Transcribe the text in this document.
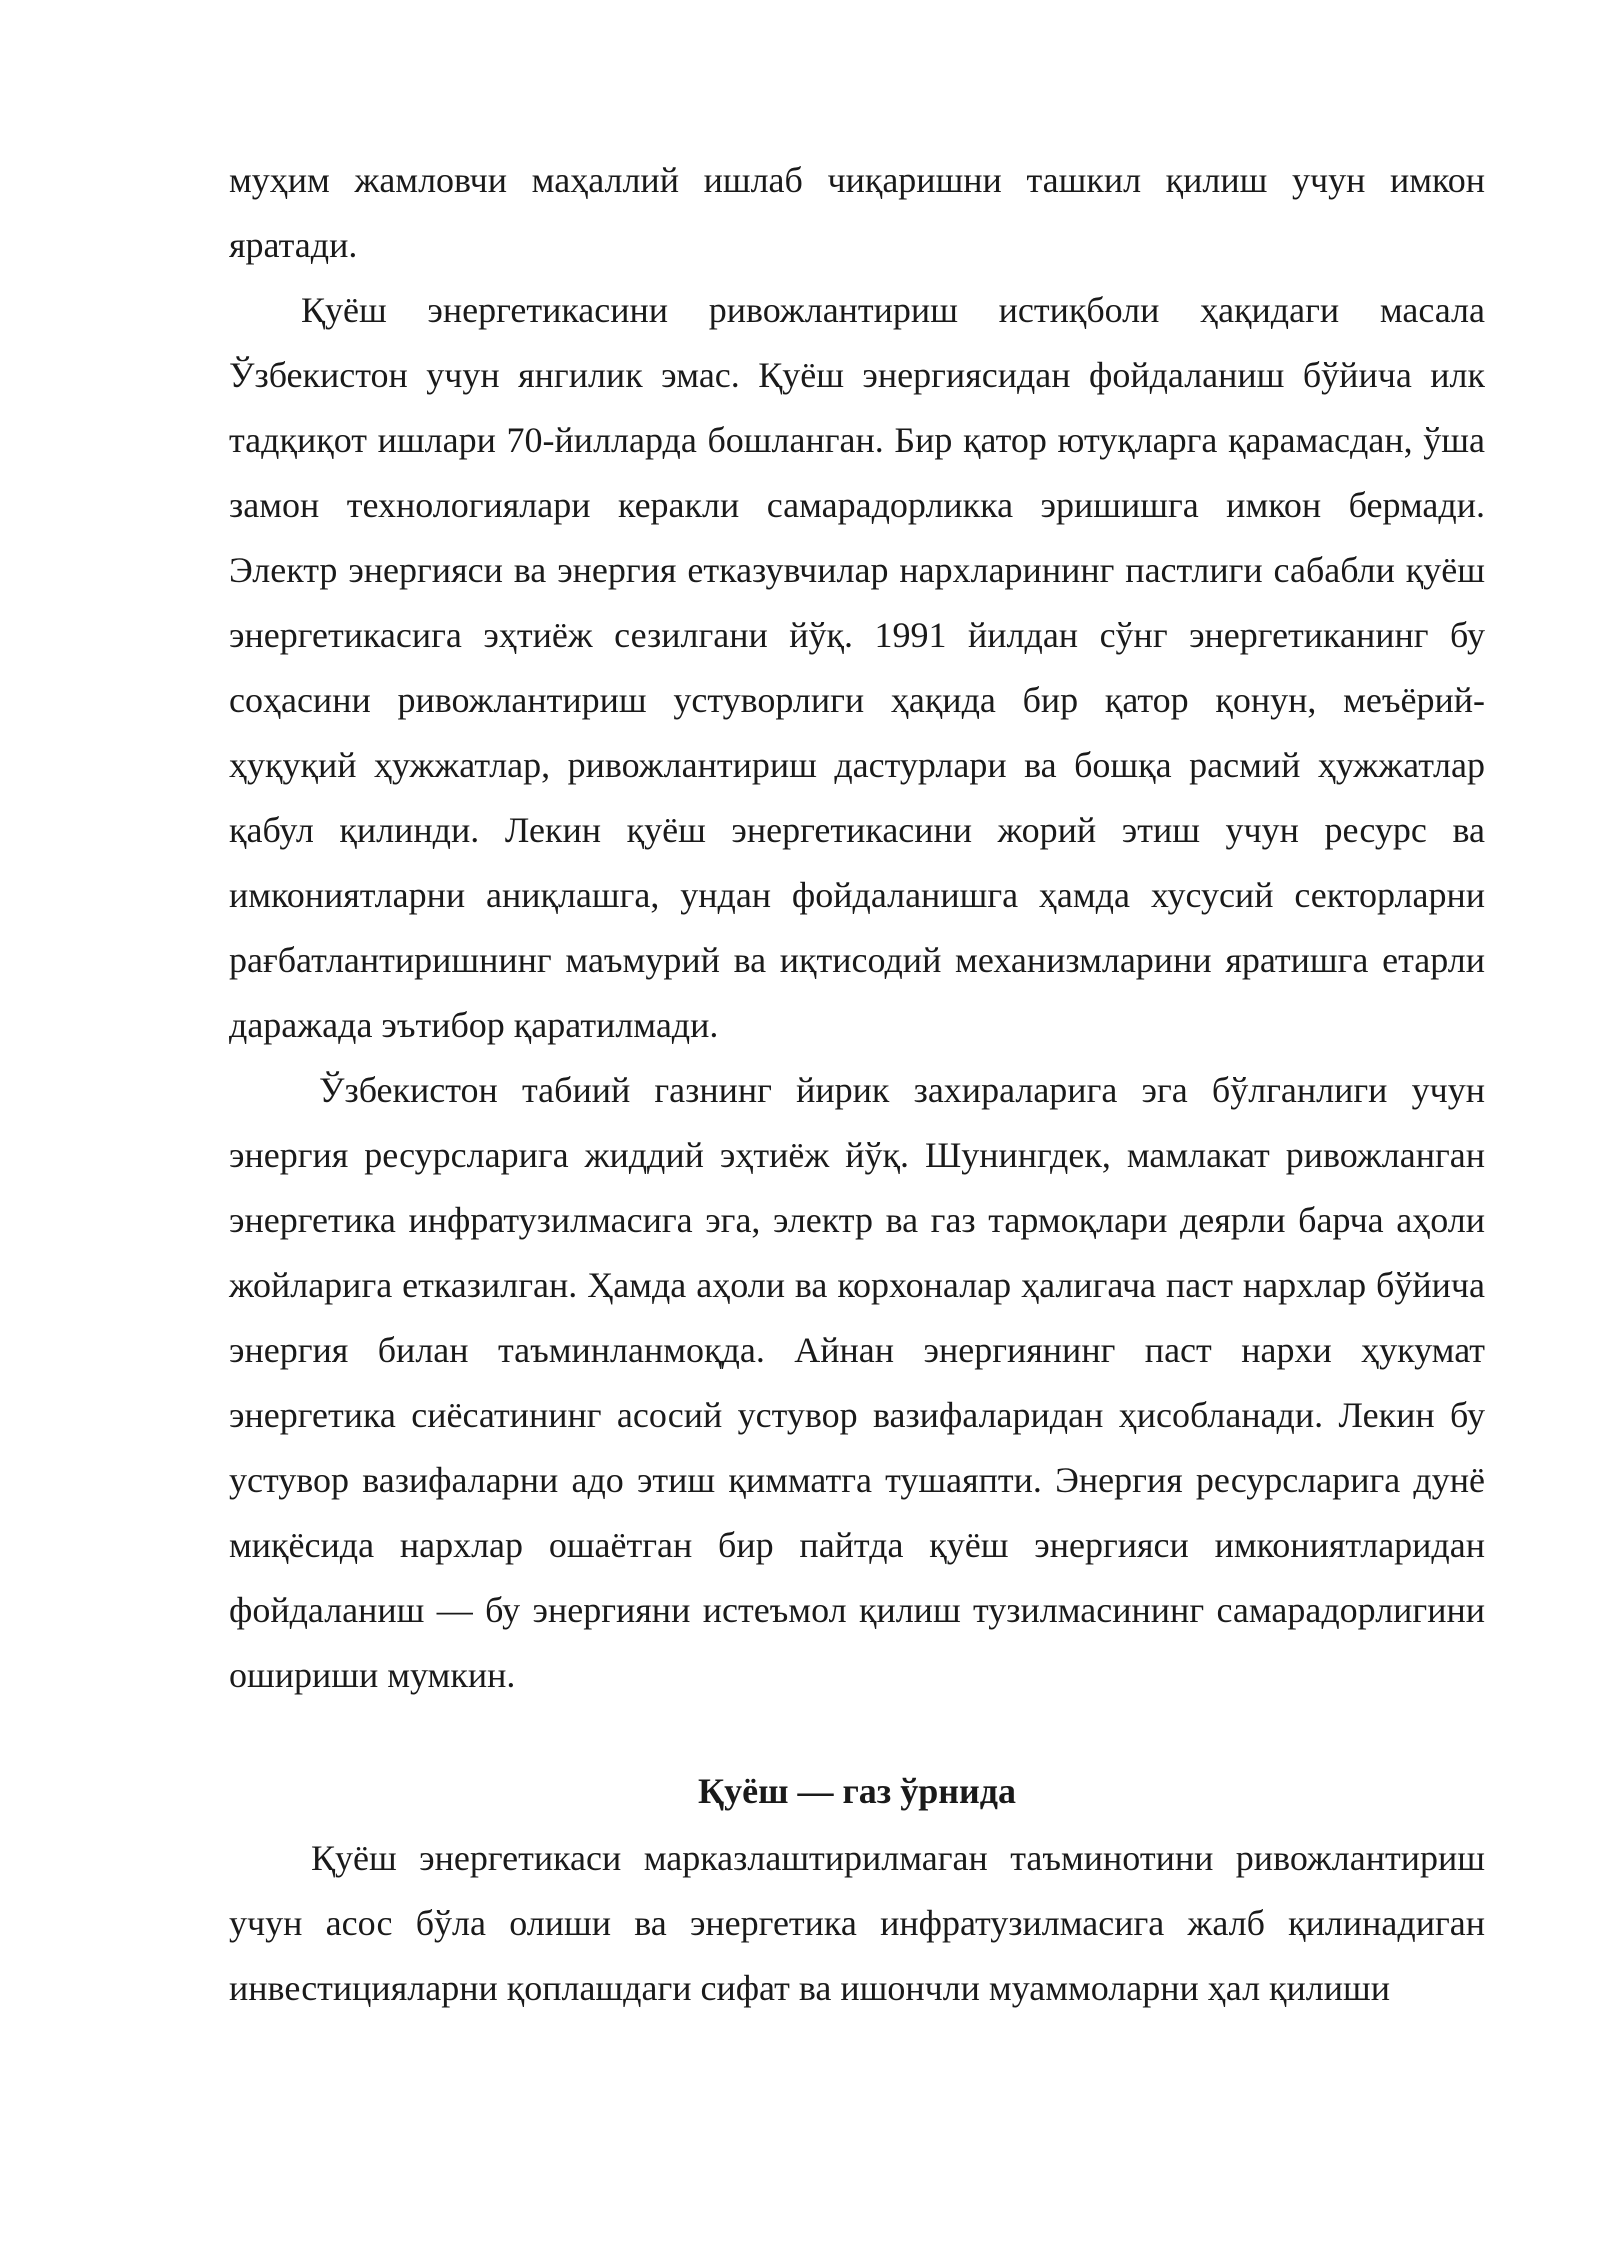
муҳим жамловчи маҳаллий ишлаб чиқаришни ташкил қилиш учун имкон яратади.

Қуёш энергетикасини ривожлантириш истиқболи ҳақидаги масала Ўзбекистон учун янгилик эмас. Қуёш энергиясидан фойдаланиш бўйича илк тадқиқот ишлари 70-йилларда бошланган. Бир қатор ютуқларга қарамасдан, ўша замон технологиялари керакли самарадорликка эришишга имкон бермади. Электр энергияси ва энергия етказувчилар нархларининг пастлиги сабабли қуёш энергетикасига эҳтиёж сезилгани йўқ. 1991 йилдан сўнг энергетиканинг бу соҳасини ривожлантириш устуворлиги ҳақида бир қатор қонун, меъёрий-ҳуқуқий ҳужжатлар, ривожлантириш дастурлари ва бошқа расмий ҳужжатлар қабул қилинди. Лекин қуёш энергетикасини жорий этиш учун ресурс ва имкониятларни аниқлашга, ундан фойдаланишга ҳамда хусусий секторларни рағбатлантиришнинг маъмурий ва иқтисодий механизмларини яратишга етарли даражада эътибор қаратилмади.

Ўзбекистон табиий газнинг йирик захираларига эга бўлганлиги учун энергия ресурсларига жиддий эҳтиёж йўқ. Шунингдек, мамлакат ривожланган энергетика инфратузилмасига эга, электр ва газ тармоқлари деярли барча аҳоли жойларига етказилган. Ҳамда аҳоли ва корхоналар ҳалигача паст нархлар бўйича энергия билан таъминланмоқда. Айнан энергиянинг паст нархи ҳукумат энергетика сиёсатининг асосий устувор вазифаларидан ҳисобланади. Лекин бу устувор вазифаларни адо этиш қимматга тушаяпти. Энергия ресурсларига дунё миқёсида нархлар ошаётган бир пайтда қуёш энергияси имкониятларидан фойдаланиш — бу энергияни истеъмол қилиш тузилмасининг самарадорлигини ошириши мумкин.

Қуёш — газ ўрнида

Қуёш энергетикаси марказлаштирилмаган таъминотини ривожлантириш учун асос бўла олиши ва энергетика инфратузилмасига жалб қилинадиган инвестицияларни қоплашдаги сифат ва ишончли муаммоларни ҳал қилиши
